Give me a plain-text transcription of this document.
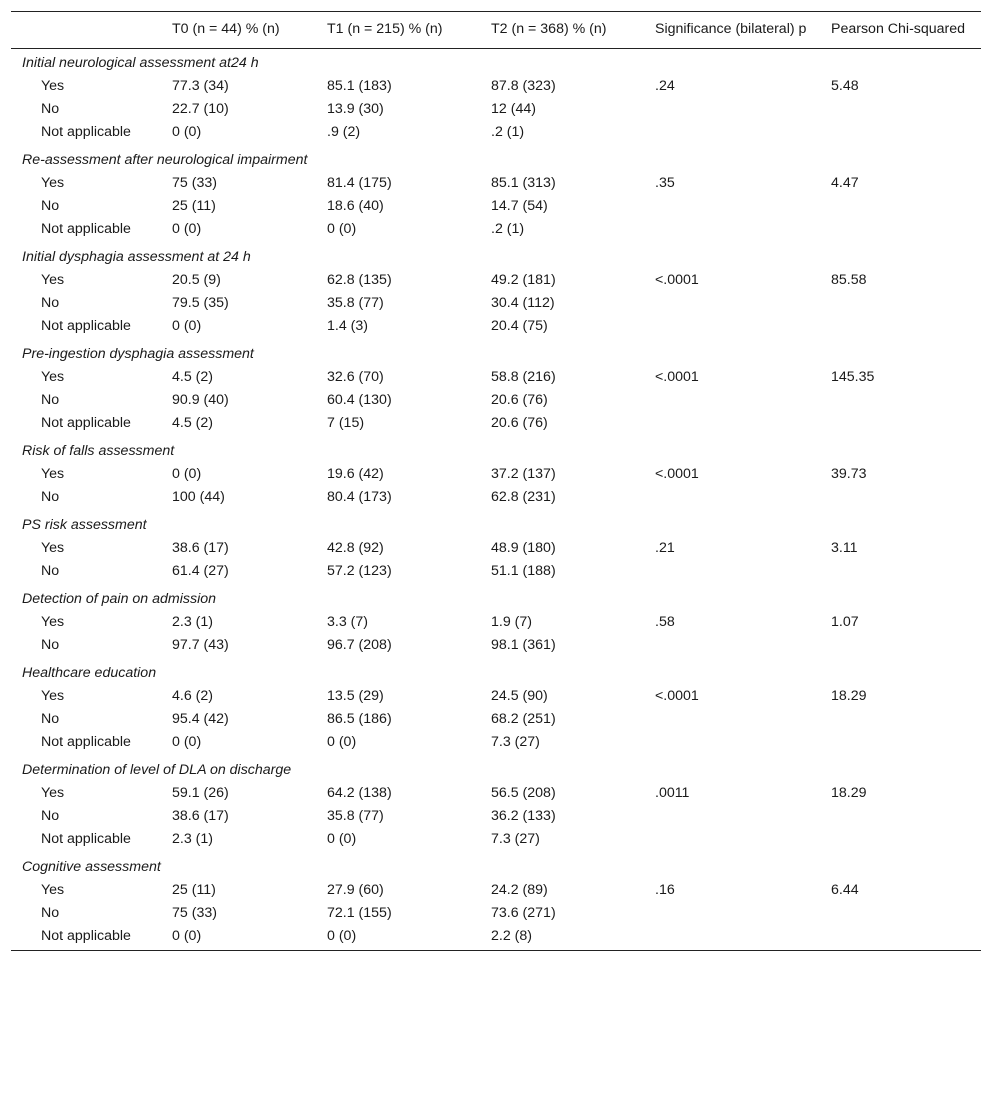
	T0 (n = 44) % (n)	T1 (n = 215) % (n)	T2 (n = 368) % (n)	Significance (bilateral) p	Pearson Chi-squared
Initial neurological assessment at24 h					
Yes	77.3 (34)	85.1 (183)	87.8 (323)	.24	5.48
No	22.7 (10)	13.9 (30)	12 (44)		
Not applicable	0 (0)	.9 (2)	.2 (1)		
Re-assessment after neurological impairment					
Yes	75 (33)	81.4 (175)	85.1 (313)	.35	4.47
No	25 (11)	18.6 (40)	14.7 (54)		
Not applicable	0 (0)	0 (0)	.2 (1)		
Initial dysphagia assessment at 24 h					
Yes	20.5 (9)	62.8 (135)	49.2 (181)	<.0001	85.58
No	79.5 (35)	35.8 (77)	30.4 (112)		
Not applicable	0 (0)	1.4 (3)	20.4 (75)		
Pre-ingestion dysphagia assessment					
Yes	4.5 (2)	32.6 (70)	58.8 (216)	<.0001	145.35
No	90.9 (40)	60.4 (130)	20.6 (76)		
Not applicable	4.5 (2)	7 (15)	20.6 (76)		
Risk of falls assessment					
Yes	0 (0)	19.6 (42)	37.2 (137)	<.0001	39.73
No	100 (44)	80.4 (173)	62.8 (231)		
PS risk assessment					
Yes	38.6 (17)	42.8 (92)	48.9 (180)	.21	3.11
No	61.4 (27)	57.2 (123)	51.1 (188)		
Detection of pain on admission					
Yes	2.3 (1)	3.3 (7)	1.9 (7)	.58	1.07
No	97.7 (43)	96.7 (208)	98.1 (361)		
Healthcare education					
Yes	4.6 (2)	13.5 (29)	24.5 (90)	<.0001	18.29
No	95.4 (42)	86.5 (186)	68.2 (251)		
Not applicable	0 (0)	0 (0)	7.3 (27)		
Determination of level of DLA on discharge					
Yes	59.1 (26)	64.2 (138)	56.5 (208)	.0011	18.29
No	38.6 (17)	35.8 (77)	36.2 (133)		
Not applicable	2.3 (1)	0 (0)	7.3 (27)		
Cognitive assessment					
Yes	25 (11)	27.9 (60)	24.2 (89)	.16	6.44
No	75 (33)	72.1 (155)	73.6 (271)		
Not applicable	0 (0)	0 (0)	2.2 (8)		
